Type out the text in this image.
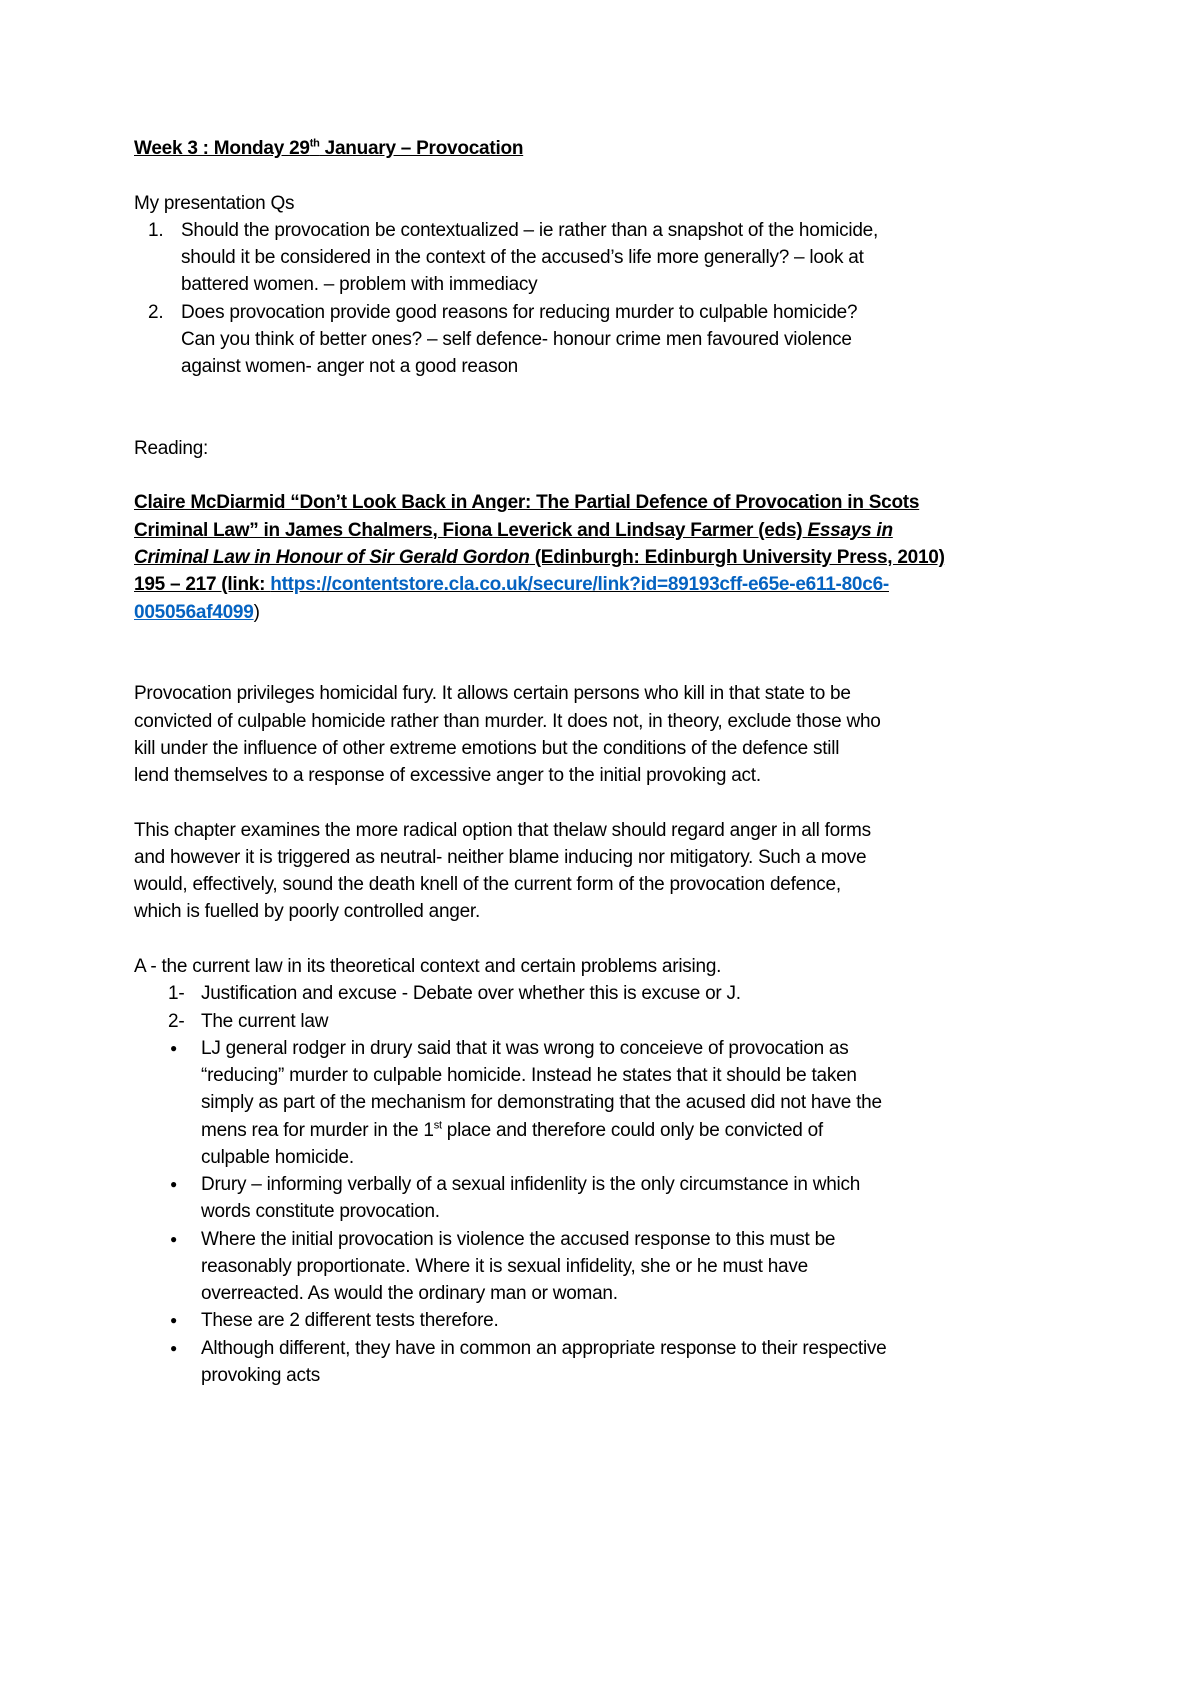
Week 3 : Monday 29th January – Provocation
My presentation Qs
1. Should the provocation be contextualized – ie rather than a snapshot of the homicide,
should it be considered in the context of the accused’s life more generally? – look at
battered women. – problem with immediacy
2. Does provocation provide good reasons for reducing murder to culpable homicide?
Can you think of better ones? – self defence- honour crime men favoured violence
against women- anger not a good reason
Reading:
Claire McDiarmid “Don’t Look Back in Anger: The Partial Defence of Provocation in Scots
Criminal Law” in James Chalmers, Fiona Leverick and Lindsay Farmer (eds) Essays in
Criminal Law in Honour of Sir Gerald Gordon (Edinburgh: Edinburgh University Press, 2010)
195 – 217 (link: https://contentstore.cla.co.uk/secure/link?id=89193cff-e65e-e611-80c6-
005056af4099)
Provocation privileges homicidal fury. It allows certain persons who kill in that state to be
convicted of culpable homicide rather than murder. It does not, in theory, exclude those who
kill under the influence of other extreme emotions but the conditions of the defence still
lend themselves to a response of excessive anger to the initial provoking act.
This chapter examines the more radical option that thelaw should regard anger in all forms
and however it is triggered as neutral- neither blame inducing nor mitigatory. Such a move
would, effectively, sound the death knell of the current form of the provocation defence,
which is fuelled by poorly controlled anger.
A - the current law in its theoretical context and certain problems arising.
1- Justification and excuse - Debate over whether this is excuse or J.
2- The current law
● LJ general rodger in drury said that it was wrong to conceieve of provocation as
“reducing” murder to culpable homicide. Instead he states that it should be taken
simply as part of the mechanism for demonstrating that the acused did not have the
mens rea for murder in the 1st place and therefore could only be convicted of
culpable homicide.
● Drury – informing verbally of a sexual infidenlity is the only circumstance in which
words constitute provocation.
● Where the initial provocation is violence the accused response to this must be
reasonably proportionate. Where it is sexual infidelity, she or he must have
overreacted. As would the ordinary man or woman.
● These are 2 different tests therefore.
● Although different, they have in common an appropriate response to their respective
provoking acts
